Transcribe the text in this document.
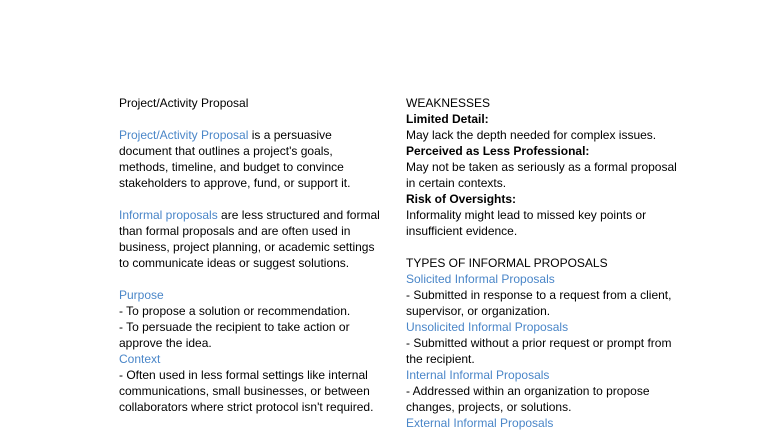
Project/Activity Proposal

Project/Activity Proposal is a persuasive document that outlines a project's goals, methods, timeline, and budget to convince stakeholders to approve, fund, or support it.

Informal proposals are less structured and formal than formal proposals and are often used in business, project planning, or academic settings to communicate ideas or suggest solutions.

Purpose

- To propose a solution or recommendation.

- To persuade the recipient to take action or approve the idea.

Context

- Often used in less formal settings like internal communications, small businesses, or between collaborators where strict protocol isn't required.

WEAKNESSES

Limited Detail:

May lack the depth needed for complex issues.

Perceived as Less Professional:

May not be taken as seriously as a formal proposal in certain contexts.

Risk of Oversights:

Informality might lead to missed key points or insufficient evidence.

TYPES OF INFORMAL PROPOSALS

Solicited Informal Proposals

- Submitted in response to a request from a client, supervisor, or organization.

Unsolicited Informal Proposals

- Submitted without a prior request or prompt from the recipient.

Internal Informal Proposals

- Addressed within an organization to propose changes, projects, or solutions.

External Informal Proposals
